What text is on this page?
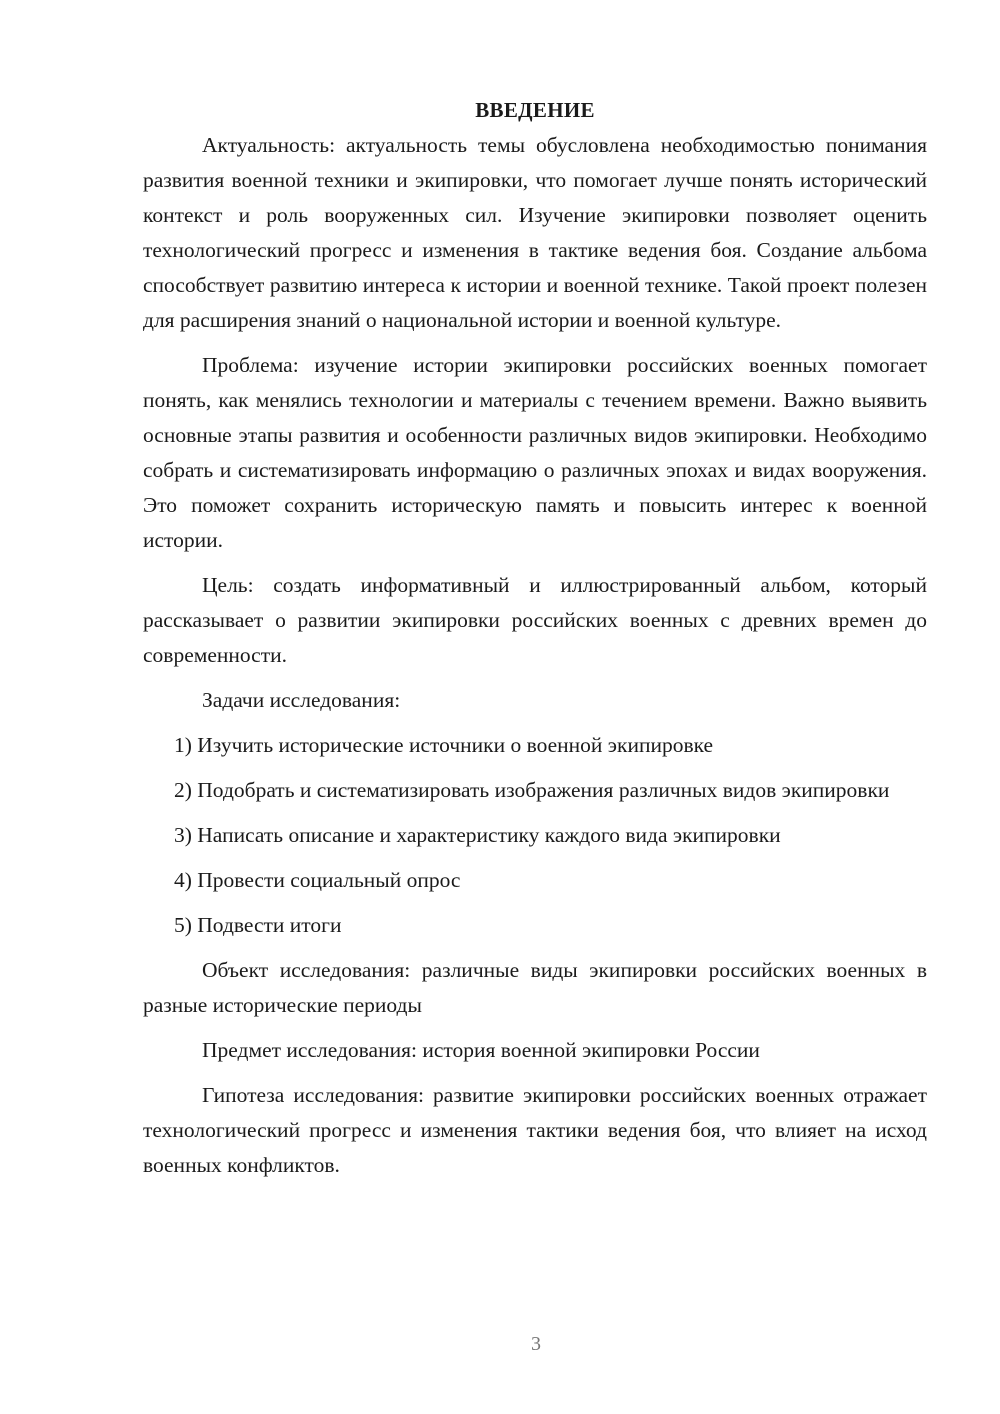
ВВЕДЕНИЕ

Актуальность: актуальность темы обусловлена необходимостью понимания развития военной техники и экипировки, что помогает лучше понять исторический контекст и роль вооруженных сил. Изучение экипировки позволяет оценить технологический прогресс и изменения в тактике ведения боя. Создание альбома способствует развитию интереса к истории и военной технике. Такой проект полезен для расширения знаний о национальной истории и военной культуре.

Проблема: изучение истории экипировки российских военных помогает понять, как менялись технологии и материалы с течением времени. Важно выявить основные этапы развития и особенности различных видов экипировки. Необходимо собрать и систематизировать информацию о различных эпохах и видах вооружения. Это поможет сохранить историческую память и повысить интерес к военной истории.

Цель: создать информативный и иллюстрированный альбом, который рассказывает о развитии экипировки российских военных с древних времен до современности.

Задачи исследования:

1) Изучить исторические источники о военной экипировке

2) Подобрать и систематизировать изображения различных видов экипировки

3) Написать описание и характеристику каждого вида экипировки

4) Провести социальный опрос

5) Подвести итоги

Объект исследования: различные виды экипировки российских военных в разные исторические периоды

Предмет исследования: история военной экипировки России

Гипотеза исследования: развитие экипировки российских военных отражает технологический прогресс и изменения тактики ведения боя, что влияет на исход военных конфликтов.

3
